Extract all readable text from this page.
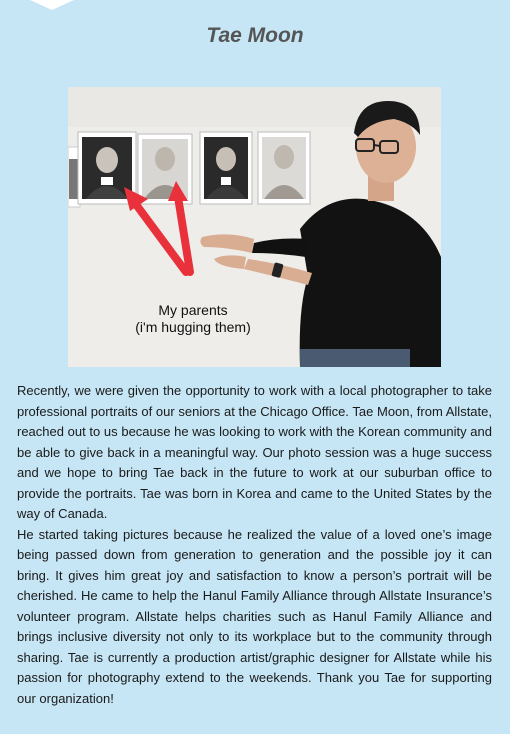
Tae Moon
My parents
(i'm hugging them)

Recently, we were given the opportunity to work with a local photographer to take professional portraits of our seniors at the Chicago Office. Tae Moon, from Allstate, reached out to us because he was looking to work with the Korean community and be able to give back in a meaningful way. Our photo session was a huge success and we hope to bring Tae back in the future to work at our suburban office to provide the portraits. Tae was born in Korea and came to the United States by the way of Canada.

He started taking pictures because he realized the value of a loved one’s image being passed down from generation to generation and the possible joy it can bring. It gives him great joy and satisfaction to know a person’s portrait will be cherished. He came to help the Hanul Family Alliance through Allstate Insurance’s volunteer program. Allstate helps charities such as Hanul Family Alliance and brings inclusive diversity not only to its workplace but to the community through sharing. Tae is currently a production artist/graphic designer for Allstate while his passion for photography extend to the weekends. Thank you Tae for supporting our organization!
